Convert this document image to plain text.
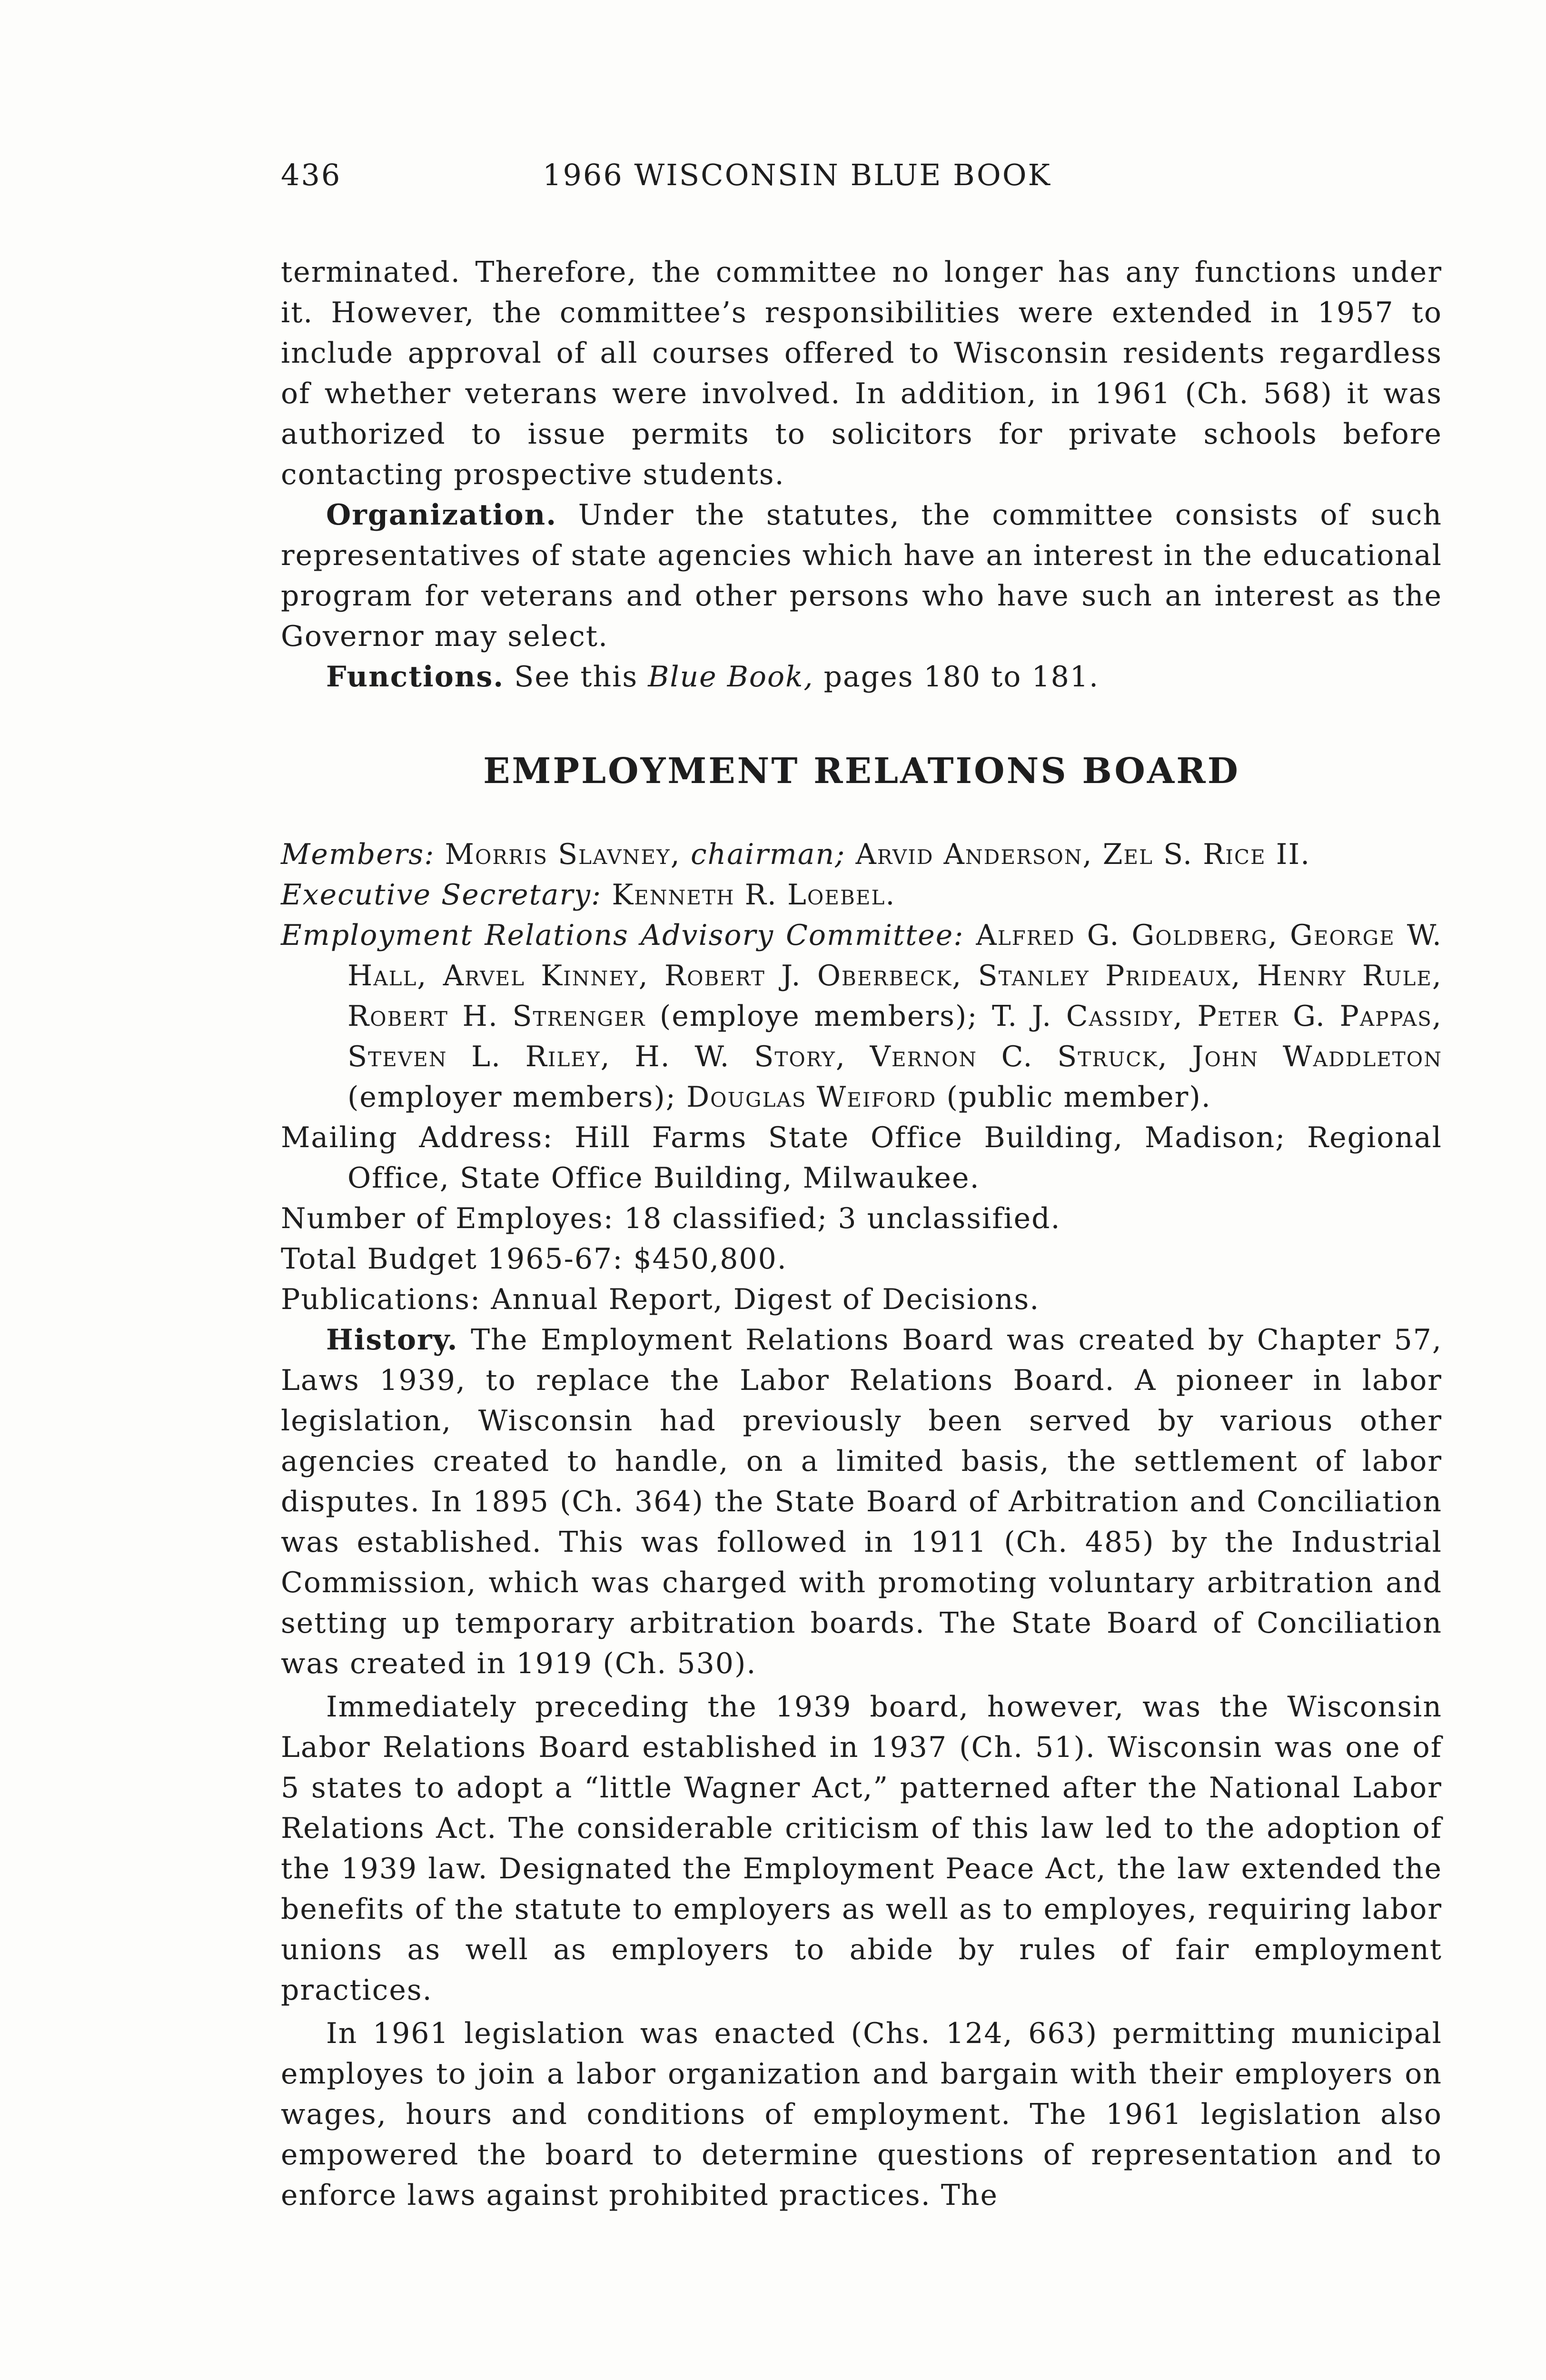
436	1966 WISCONSIN BLUE BOOK

terminated. Therefore, the committee no longer has any functions under it. However, the committee’s responsibilities were extended in 1957 to include approval of all courses offered to Wisconsin residents regardless of whether veterans were involved. In addition, in 1961 (Ch. 568) it was authorized to issue permits to solicitors for private schools before contacting prospective students.

Organization. Under the statutes, the committee consists of such representatives of state agencies which have an interest in the educational program for veterans and other persons who have such an interest as the Governor may select.

Functions. See this Blue Book, pages 180 to 181.

EMPLOYMENT RELATIONS BOARD

Members: Morris Slavney, chairman; Arvid Anderson, Zel S. Rice II.

Executive Secretary: Kenneth R. Loebel.

Employment Relations Advisory Committee: Alfred G. Goldberg, George W. Hall, Arvel Kinney, Robert J. Oberbeck, Stanley Prideaux, Henry Rule, Robert H. Strenger (employe members); T. J. Cassidy, Peter G. Pappas, Steven L. Riley, H. W. Story, Vernon C. Struck, John Waddleton (employer members); Douglas Weiford (public member).

Mailing Address: Hill Farms State Office Building, Madison; Regional Office, State Office Building, Milwaukee.

Number of Employes: 18 classified; 3 unclassified.

Total Budget 1965-67: $450,800.

Publications: Annual Report, Digest of Decisions.

History. The Employment Relations Board was created by Chapter 57, Laws 1939, to replace the Labor Relations Board. A pioneer in labor legislation, Wisconsin had previously been served by various other agencies created to handle, on a limited basis, the settlement of labor disputes. In 1895 (Ch. 364) the State Board of Arbitration and Conciliation was established. This was followed in 1911 (Ch. 485) by the Industrial Commission, which was charged with promoting voluntary arbitration and setting up temporary arbitration boards. The State Board of Conciliation was created in 1919 (Ch. 530).

Immediately preceding the 1939 board, however, was the Wisconsin Labor Relations Board established in 1937 (Ch. 51). Wisconsin was one of 5 states to adopt a “little Wagner Act,” patterned after the National Labor Relations Act. The considerable criticism of this law led to the adoption of the 1939 law. Designated the Employment Peace Act, the law extended the benefits of the statute to employers as well as to employes, requiring labor unions as well as employers to abide by rules of fair employment practices.

In 1961 legislation was enacted (Chs. 124, 663) permitting municipal employes to join a labor organization and bargain with their employers on wages, hours and conditions of employment. The 1961 legislation also empowered the board to determine questions of representation and to enforce laws against prohibited practices. The
